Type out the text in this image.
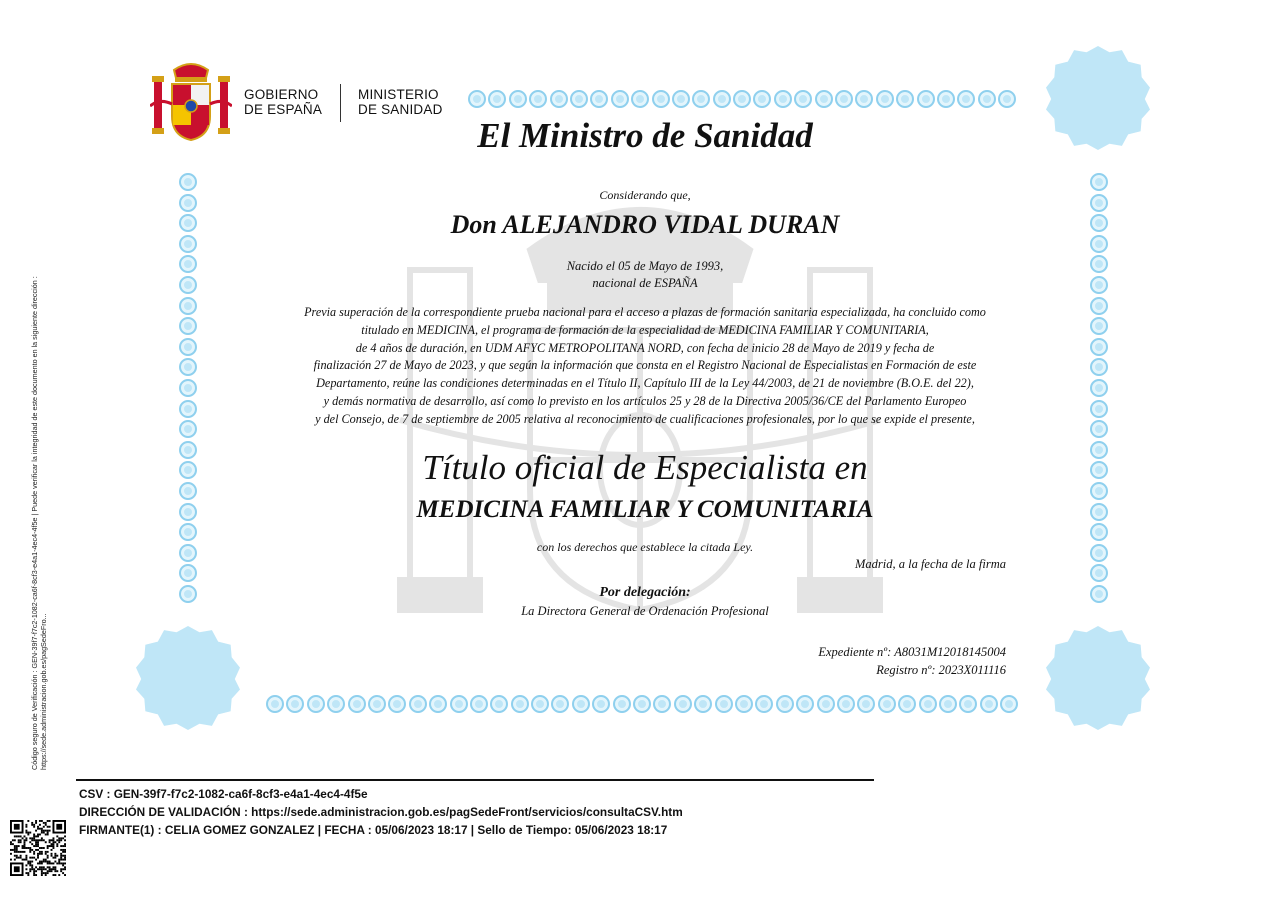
GOBIERNO
DE ESPAÑA
MINISTERIO
DE SANIDAD
El Ministro de Sanidad
Considerando que,
Don ALEJANDRO VIDAL DURAN
Nacido el 05 de Mayo de 1993,
nacional de ESPAÑA
Previa superación de la correspondiente prueba nacional para el acceso a plazas de formación sanitaria especializada, ha concluido como
titulado en MEDICINA, el programa de formación de la especialidad de MEDICINA FAMILIAR Y COMUNITARIA,
de 4 años de duración, en UDM AFYC METROPOLITANA NORD, con fecha de inicio 28 de Mayo de 2019 y fecha de
finalización 27 de Mayo de 2023, y que según la información que consta en el Registro Nacional de Especialistas en Formación de este
Departamento, reúne las condiciones determinadas en el Título II, Capítulo III de la Ley 44/2003, de 21 de noviembre (B.O.E. del 22),
y demás normativa de desarrollo, así como lo previsto en los artículos 25 y 28 de la Directiva 2005/36/CE del Parlamento Europeo
y del Consejo, de 7 de septiembre de 2005 relativa al reconocimiento de cualificaciones profesionales, por lo que se expide el presente,
Título oficial de Especialista en
MEDICINA FAMILIAR Y COMUNITARIA
con los derechos que establece la citada Ley.
Madrid, a la fecha de la firma
Por delegación:
La Directora General de Ordenación Profesional
Expediente nº: A8031M12018145004
Registro nº: 2023X011116
Código seguro de Verificación : GEN-39f7-f7c2-1082-ca6f-8cf3-e4a1-4ec4-4f5e | Puede verificar la integridad de este documento en la siguiente dirección : https://sede.administracion.gob.es/pagSedeFro...
CSV : GEN-39f7-f7c2-1082-ca6f-8cf3-e4a1-4ec4-4f5e
DIRECCIÓN DE VALIDACIÓN : https://sede.administracion.gob.es/pagSedeFront/servicios/consultaCSV.htm
FIRMANTE(1) : CELIA GOMEZ GONZALEZ | FECHA : 05/06/2023 18:17 | Sello de Tiempo: 05/06/2023 18:17
